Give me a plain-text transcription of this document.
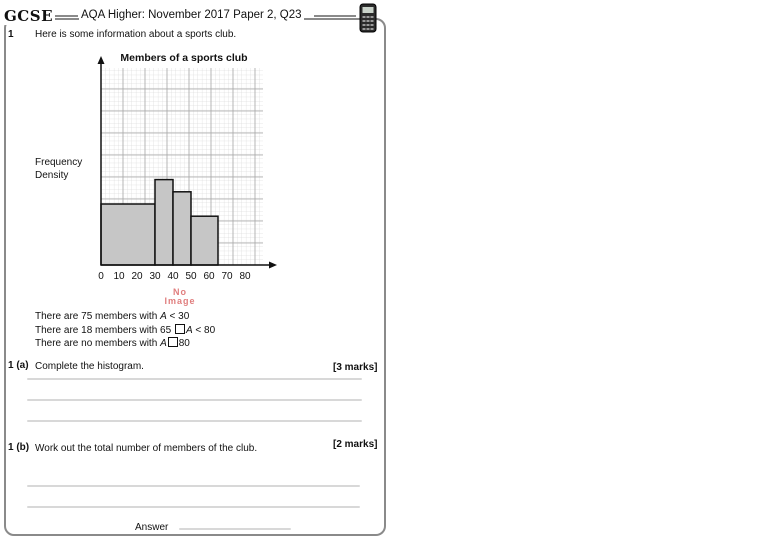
GCSE AQA Higher: November 2017 Paper 2, Q23
1 Here is some information about a sports club.
0 10 20 30 40 50 60 70 80
Members of a sports club
Frequency Density
No
Image
There are 75 members with A < 30
There are 18 members with 65 A < 80
There are no members with A 80
1 (a) Complete the histogram.	[3 marks]
1 (b) Work out the total number of members of the club.	[2 marks]
Answer
